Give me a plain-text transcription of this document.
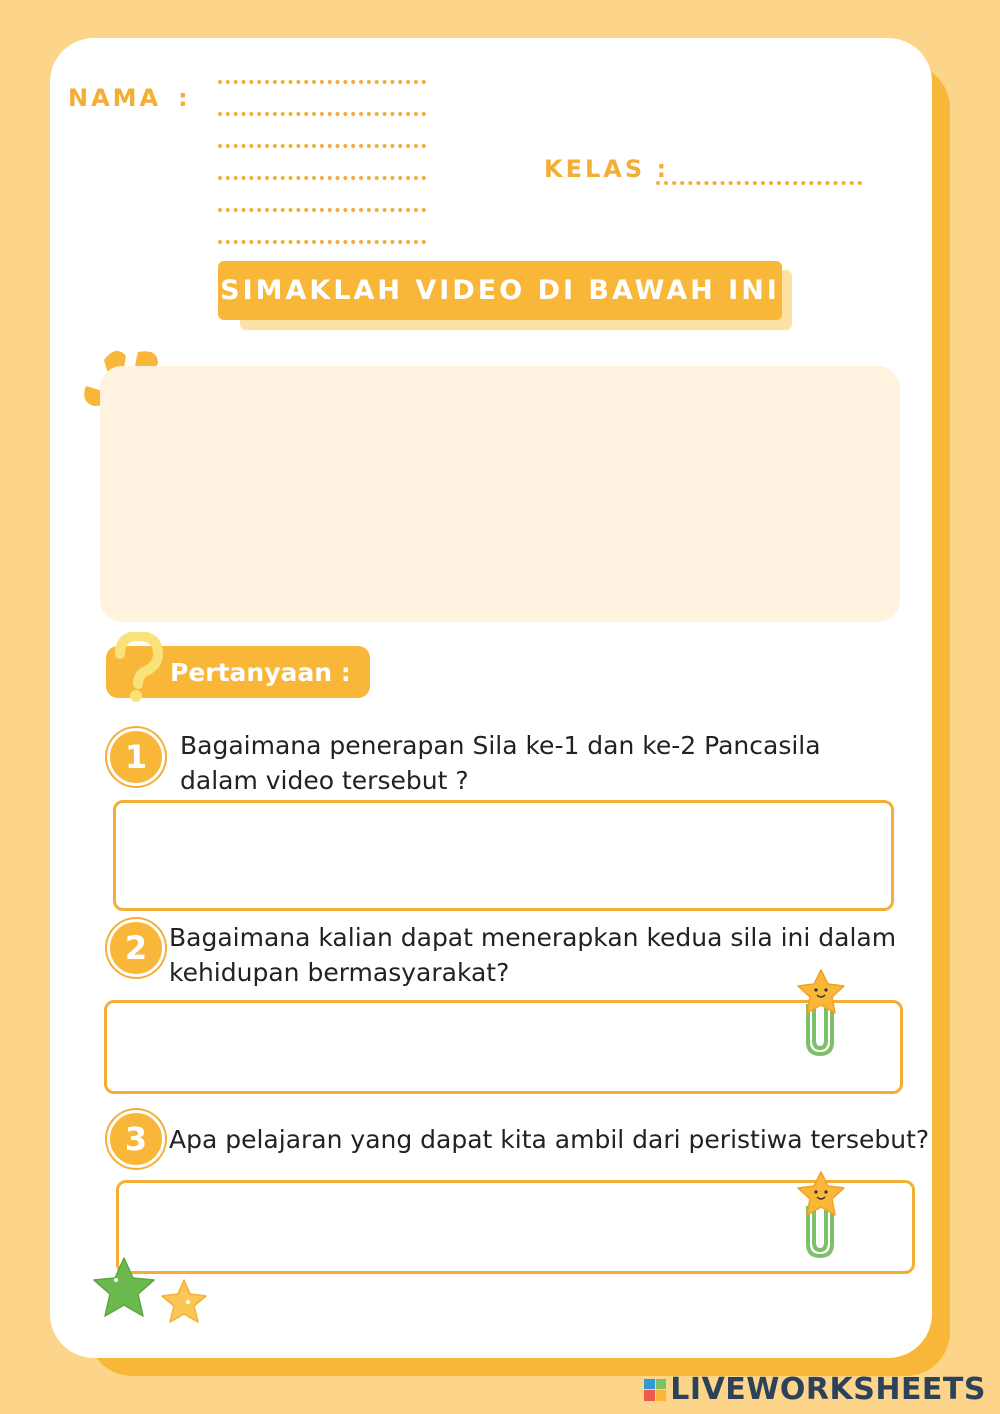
NAMA :
KELAS :
SIMAKLAH VIDEO DI BAWAH INI
Pertanyaan :
1	Bagaimana penerapan Sila ke-1 dan ke-2 Pancasila
dalam video tersebut ?
2 Bagaimana kalian dapat menerapkan kedua sila ini dalam
kehidupan bermasyarakat?
3 Apa pelajaran yang dapat kita ambil dari peristiwa tersebut?
LIVEWORKSHEETS
